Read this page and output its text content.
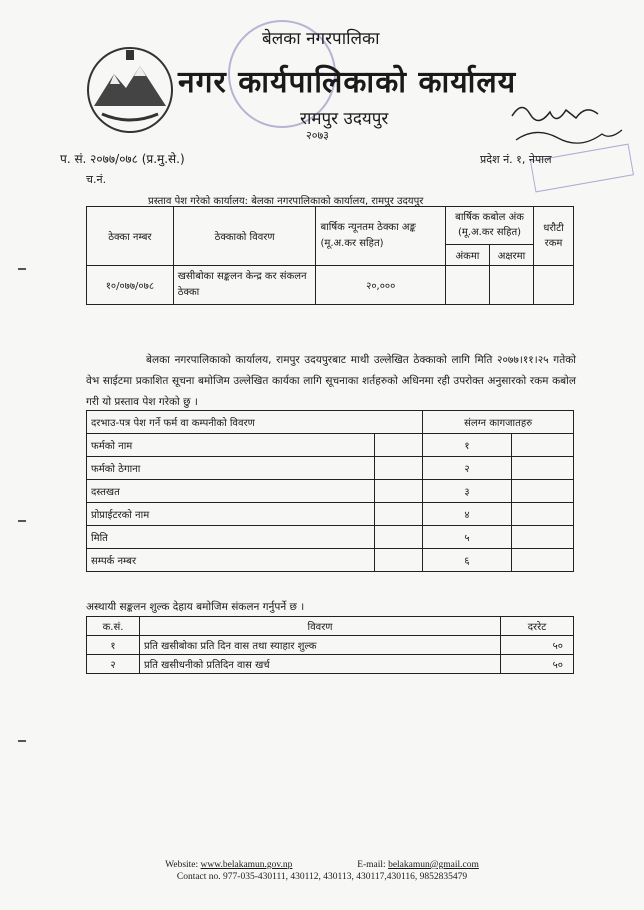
बेलका नगरपालिका
नगर कार्यपालिकाको कार्यालय
रामपुर उदयपुर
२०७३
प. सं. २०७७/०७८ (प्र.मु.से.)
च.नं.
प्रदेश नं. १, नेपाल
प्रस्ताव पेश गरेको कार्यालय: बेलका नगरपालिकाको कार्यालय, रामपुर उदयपुर
ठेक्का नम्बर	ठेक्काको विवरण	बार्षिक न्यूनतम ठेक्का अङ्क (मू.अ.कर सहित)	बार्षिक कबोल अंक (मू.अ.कर सहित)		धरौटी रकम
			अंकमा	अक्षरमा	
१०/०७७/०७८	खसीबोका सङ्कलन केन्द्र कर संकलन ठेक्का	२०,०००			
बेलका नगरपालिकाको कार्यालय, रामपुर उदयपुरबाट माथी उल्लेखित ठेक्काको लागि मिति २०७७।११।२५ गतेको वेभ साईटमा प्रकाशित सूचना बमोजिम उल्लेखित कार्यका लागि सूचनाका शर्तहरुको अधिनमा रही उपरोक्त अनुसारको रकम कबोल गरी यो प्रस्ताव पेश गरेको छु ।
दरभाउ-पत्र पेश गर्ने फर्म वा कम्पनीको विवरण		संलग्न कागजातहरु	
फर्मको नाम		१	
फर्मको ठेगाना		२	
दस्तखत		३	
प्रोप्राईटरको नाम		४	
मिति		५	
सम्पर्क नम्बर		६	
अस्थायी सङ्कलन शुल्क देहाय बमोजिम संकलन गर्नुपर्ने छ ।
क.सं.	विवरण	दररेट
१	प्रति खसीबोका प्रति दिन वास तथा स्याहार शुल्क	५०
२	प्रति खसीधनीको प्रतिदिन वास खर्च	५०
Website: www.belakamun.gov.np	E-mail: belakamun@gmail.com
Contact no. 977-035-430111, 430112, 430113, 430117,430116, 9852835479
